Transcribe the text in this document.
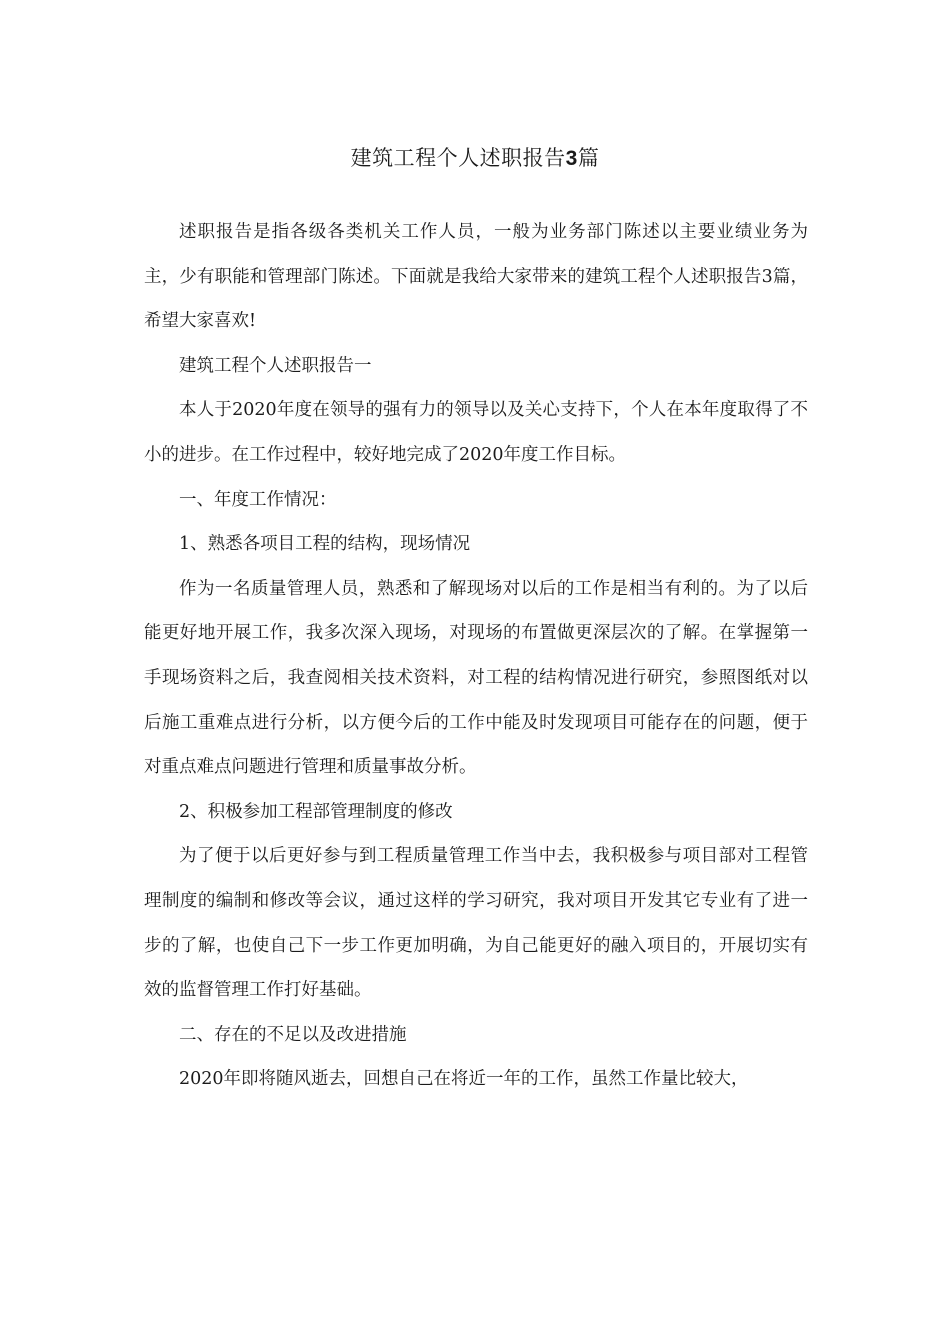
建筑工程个人述职报告3篇

述职报告是指各级各类机关工作人员，一般为业务部门陈述以主要业绩业务为主，少有职能和管理部门陈述。下面就是我给大家带来的建筑工程个人述职报告3篇，希望大家喜欢!

建筑工程个人述职报告一

本人于2020年度在领导的强有力的领导以及关心支持下，个人在本年度取得了不小的进步。在工作过程中，较好地完成了2020年度工作目标。

一、年度工作情况：

1、熟悉各项目工程的结构，现场情况

作为一名质量管理人员，熟悉和了解现场对以后的工作是相当有利的。为了以后能更好地开展工作，我多次深入现场，对现场的布置做更深层次的了解。在掌握第一手现场资料之后，我查阅相关技术资料，对工程的结构情况进行研究，参照图纸对以后施工重难点进行分析，以方便今后的工作中能及时发现项目可能存在的问题，便于对重点难点问题进行管理和质量事故分析。

2、积极参加工程部管理制度的修改

为了便于以后更好参与到工程质量管理工作当中去，我积极参与项目部对工程管理制度的编制和修改等会议，通过这样的学习研究，我对项目开发其它专业有了进一步的了解，也使自己下一步工作更加明确，为自己能更好的融入项目的，开展切实有效的监督管理工作打好基础。

二、存在的不足以及改进措施

2020年即将随风逝去，回想自己在将近一年的工作，虽然工作量比较大，
